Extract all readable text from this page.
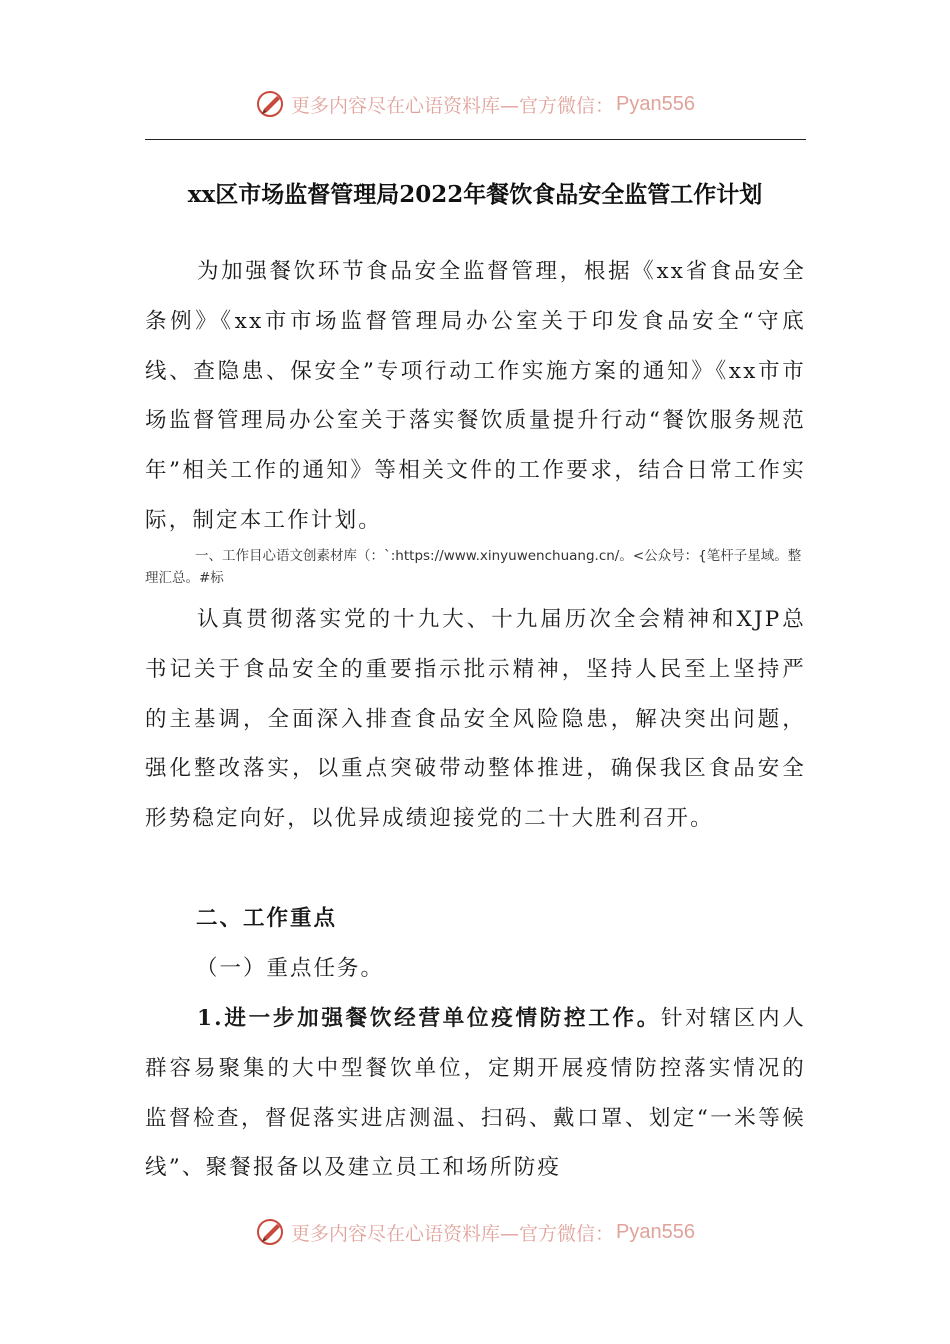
更多内容尽在心语资料库—官方微信： Pyan556
xx区市场监督管理局2022年餐饮食品安全监管工作计划

为加强餐饮环节食品安全监督管理，根据《xx省食品安全条例》《xx市市场监督管理局办公室关于印发食品安全“守底线、查隐患、保安全”专项行动工作实施方案的通知》《xx市市场监督管理局办公室关于落实餐饮质量提升行动“餐饮服务规范年”相关工作的通知》等相关文件的工作要求，结合日常工作实际，制定本工作计划。

一、工作目心语文创素材库（：`:https://www.xinyuwenchuang.cn/。<公众号：{笔杆子星域。整理汇总。#标

认真贯彻落实党的十九大、十九届历次全会精神和XJP总书记关于食品安全的重要指示批示精神，坚持人民至上坚持严的主基调，全面深入排查食品安全风险隐患，解决突出问题，强化整改落实，以重点突破带动整体推进，确保我区食品安全形势稳定向好，以优异成绩迎接党的二十大胜利召开。

二、工作重点

（一）重点任务。

1.进一步加强餐饮经营单位疫情防控工作。针对辖区内人群容易聚集的大中型餐饮单位，定期开展疫情防控落实情况的监督检查，督促落实进店测温、扫码、戴口罩、划定“一米等候线”、聚餐报备以及建立员工和场所防疫

更多内容尽在心语资料库—官方微信： Pyan556
